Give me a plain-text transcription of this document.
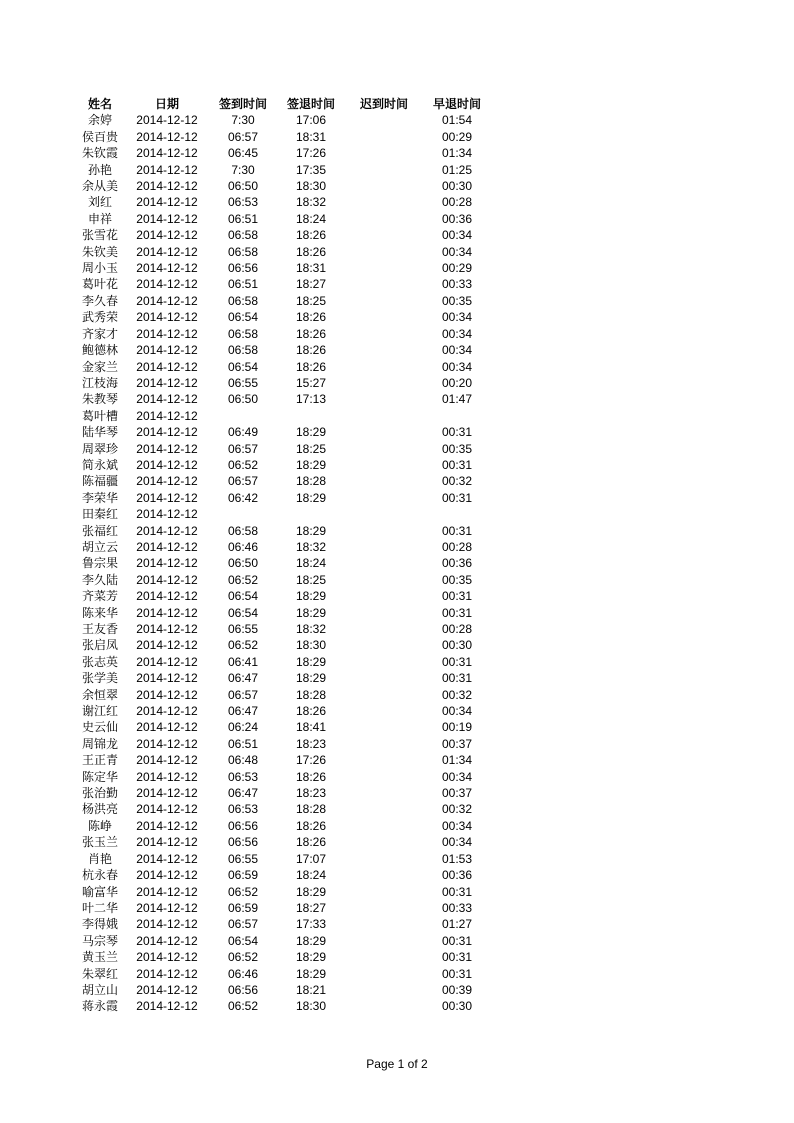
姓名	日期	签到时间	签退时间	迟到时间	早退时间
余婷	2014-12-12	7:30	17:06		01:54
侯百贵	2014-12-12	06:57	18:31		00:29
朱钦霞	2014-12-12	06:45	17:26		01:34
孙艳	2014-12-12	7:30	17:35		01:25
余从美	2014-12-12	06:50	18:30		00:30
刘红	2014-12-12	06:53	18:32		00:28
申祥	2014-12-12	06:51	18:24		00:36
张雪花	2014-12-12	06:58	18:26		00:34
朱钦美	2014-12-12	06:58	18:26		00:34
周小玉	2014-12-12	06:56	18:31		00:29
葛叶花	2014-12-12	06:51	18:27		00:33
李久春	2014-12-12	06:58	18:25		00:35
武秀荣	2014-12-12	06:54	18:26		00:34
齐家才	2014-12-12	06:58	18:26		00:34
鲍德林	2014-12-12	06:58	18:26		00:34
金家兰	2014-12-12	06:54	18:26		00:34
江枝海	2014-12-12	06:55	15:27		00:20
朱教琴	2014-12-12	06:50	17:13		01:47
葛叶槽	2014-12-12				
陆华琴	2014-12-12	06:49	18:29		00:31
周翠珍	2014-12-12	06:57	18:25		00:35
简永斌	2014-12-12	06:52	18:29		00:31
陈福疆	2014-12-12	06:57	18:28		00:32
李荣华	2014-12-12	06:42	18:29		00:31
田秦红	2014-12-12				
张福红	2014-12-12	06:58	18:29		00:31
胡立云	2014-12-12	06:46	18:32		00:28
鲁宗果	2014-12-12	06:50	18:24		00:36
李久陆	2014-12-12	06:52	18:25		00:35
齐菜芳	2014-12-12	06:54	18:29		00:31
陈来华	2014-12-12	06:54	18:29		00:31
王友香	2014-12-12	06:55	18:32		00:28
张启凤	2014-12-12	06:52	18:30		00:30
张志英	2014-12-12	06:41	18:29		00:31
张学美	2014-12-12	06:47	18:29		00:31
余恒翠	2014-12-12	06:57	18:28		00:32
谢江红	2014-12-12	06:47	18:26		00:34
史云仙	2014-12-12	06:24	18:41		00:19
周锦龙	2014-12-12	06:51	18:23		00:37
王正青	2014-12-12	06:48	17:26		01:34
陈定华	2014-12-12	06:53	18:26		00:34
张治勤	2014-12-12	06:47	18:23		00:37
杨洪亮	2014-12-12	06:53	18:28		00:32
陈峥	2014-12-12	06:56	18:26		00:34
张玉兰	2014-12-12	06:56	18:26		00:34
肖艳	2014-12-12	06:55	17:07		01:53
杭永春	2014-12-12	06:59	18:24		00:36
喻富华	2014-12-12	06:52	18:29		00:31
叶二华	2014-12-12	06:59	18:27		00:33
李得娥	2014-12-12	06:57	17:33		01:27
马宗琴	2014-12-12	06:54	18:29		00:31
黄玉兰	2014-12-12	06:52	18:29		00:31
朱翠红	2014-12-12	06:46	18:29		00:31
胡立山	2014-12-12	06:56	18:21		00:39
蒋永霞	2014-12-12	06:52	18:30		00:30
Page 1 of 2
